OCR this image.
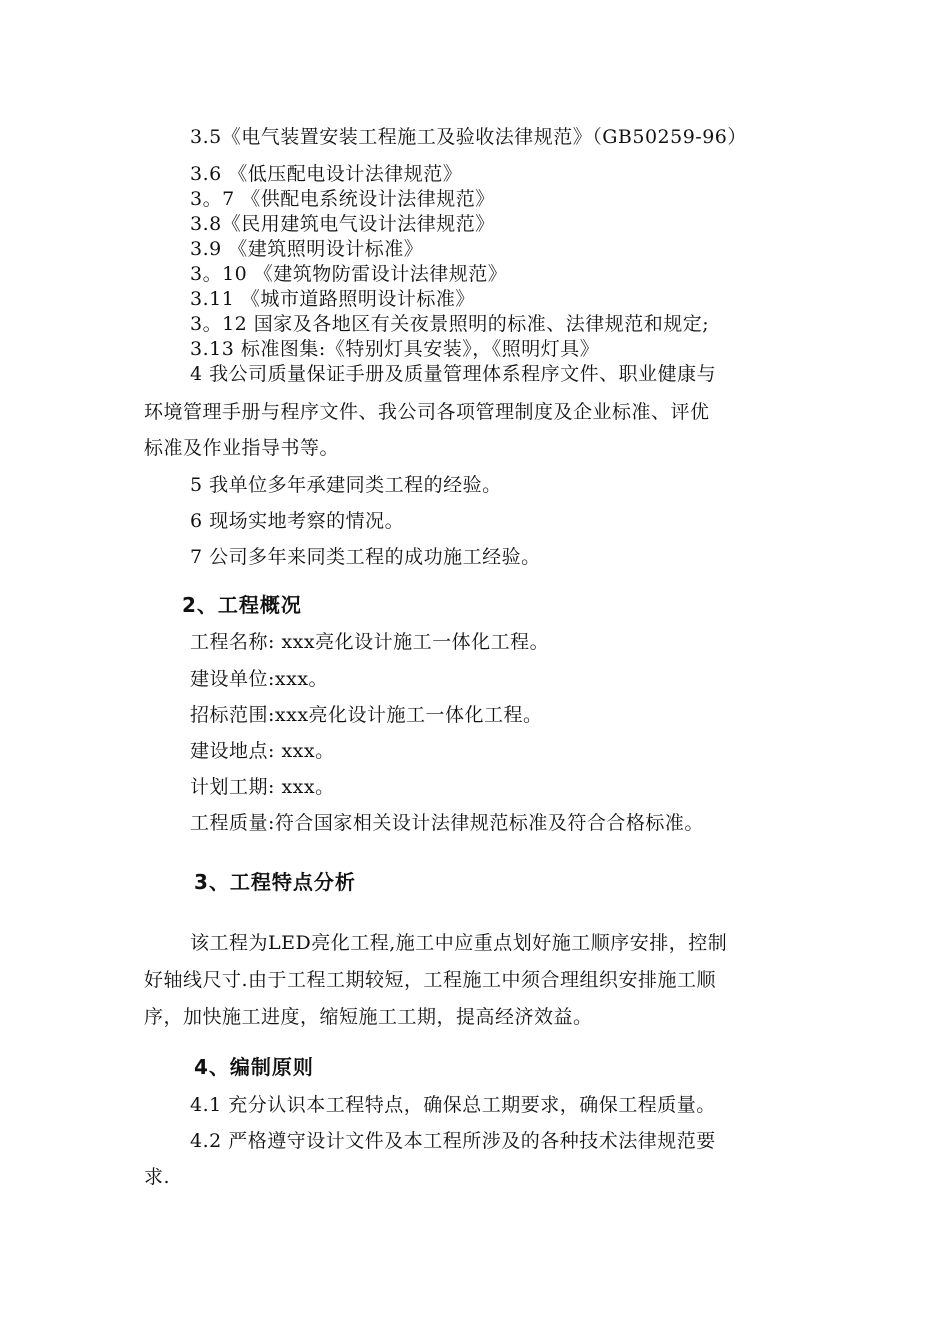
3.5《电气装置安装工程施工及验收法律规范》（GB50259-96）
3.6 《低压配电设计法律规范》
3。7 《供配电系统设计法律规范》
3.8《民用建筑电气设计法律规范》
3.9 《建筑照明设计标准》
3。10 《建筑物防雷设计法律规范》
3.11 《城市道路照明设计标准》
3。12 国家及各地区有关夜景照明的标准、法律规范和规定;
3.13 标准图集:《特别灯具安装》，《照明灯具》
4 我公司质量保证手册及质量管理体系程序文件、职业健康与
环境管理手册与程序文件、我公司各项管理制度及企业标准、评优
标准及作业指导书等。
5 我单位多年承建同类工程的经验。
6 现场实地考察的情况。
7 公司多年来同类工程的成功施工经验。
2、工程概况
工程名称: xxx亮化设计施工一体化工程。
建设单位:xxx。
招标范围:xxx亮化设计施工一体化工程。
建设地点: xxx。
计划工期: xxx。
工程质量:符合国家相关设计法律规范标准及符合合格标准。
3、工程特点分析
该工程为LED亮化工程,施工中应重点划好施工顺序安排，控制
好轴线尺寸.由于工程工期较短，工程施工中须合理组织安排施工顺
序，加快施工进度，缩短施工工期，提高经济效益。
4、编制原则
4.1 充分认识本工程特点，确保总工期要求，确保工程质量。
4.2 严格遵守设计文件及本工程所涉及的各种技术法律规范要
求.
